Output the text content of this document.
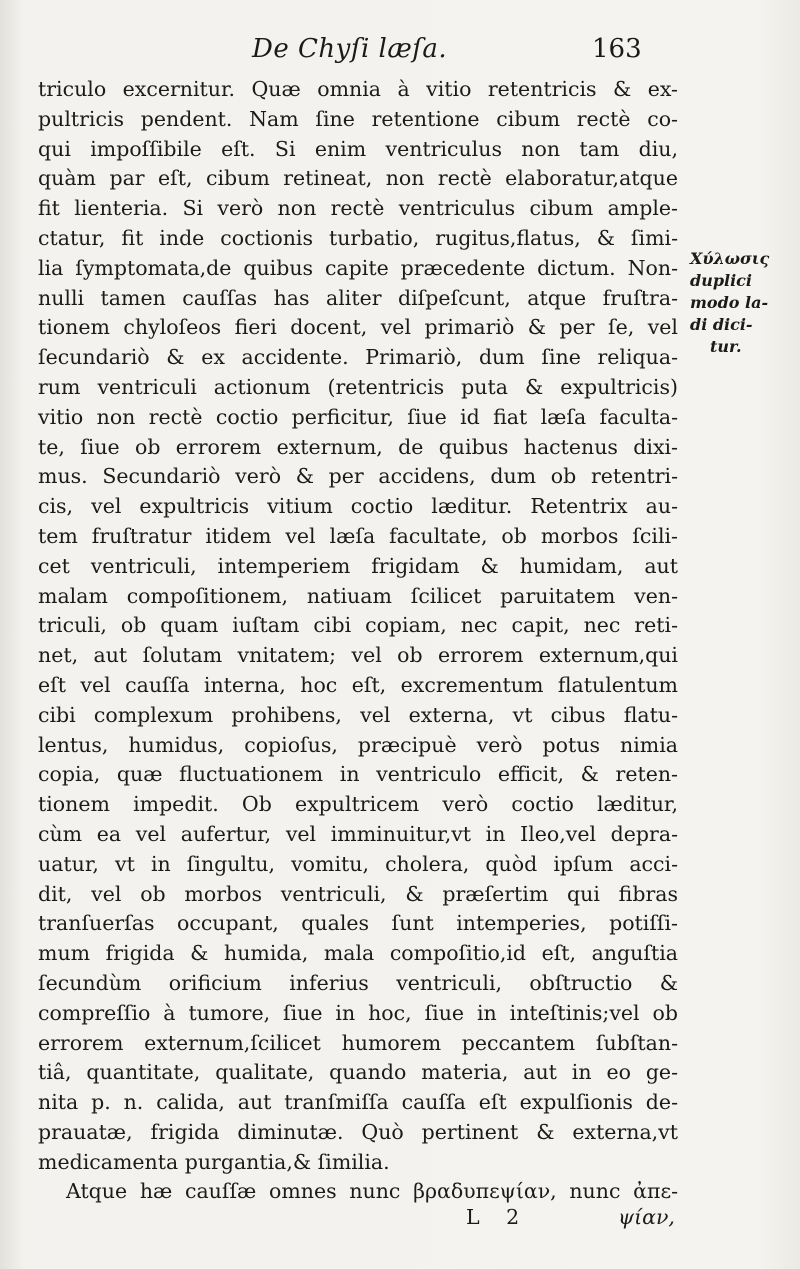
De Chyſi læſa.	163
triculo excernitur. Quæ omnia à vitio retentricis & ex-
pultricis pendent. Nam ſine retentione cibum rectè co-
qui impoſſibile eſt. Si enim ventriculus non tam diu,
quàm par eſt, cibum retineat, non rectè elaboratur,atque
fit lienteria. Si verò non rectè ventriculus cibum ample-
ctatur, fit inde coctionis turbatio, rugitus,flatus, & ſimi-
lia ſymptomata,de quibus capite præcedente dictum. Non-
nulli tamen cauſſas has aliter diſpeſcunt, atque fruſtra-
tionem chyloſeos fieri docent, vel primariò & per ſe, vel
ſecundariò & ex accidente. Primariò, dum ſine reliqua-
rum ventriculi actionum (retentricis puta & expultricis)
vitio non rectè coctio perficitur, ſiue id fiat læſa faculta-
te, ſiue ob errorem externum, de quibus hactenus dixi-
mus. Secundariò verò & per accidens, dum ob retentri-
cis, vel expultricis vitium coctio læditur. Retentrix au-
tem fruſtratur itidem vel læſa facultate, ob morbos ſcili-
cet ventriculi, intemperiem frigidam & humidam, aut
malam compoſitionem, natiuam ſcilicet paruitatem ven-
triculi, ob quam iuſtam cibi copiam, nec capit, nec reti-
net, aut ſolutam vnitatem; vel ob errorem externum,qui
eſt vel cauſſa interna, hoc eſt, excrementum flatulentum
cibi complexum prohibens, vel externa, vt cibus flatu-
lentus, humidus, copioſus, præcipuè verò potus nimia
copia, quæ fluctuationem in ventriculo efficit, & reten-
tionem impedit. Ob expultricem verò coctio læditur,
cùm ea vel aufertur, vel imminuitur,vt in Ileo,vel depra-
uatur, vt in ſingultu, vomitu, cholera, quòd ipſum acci-
dit, vel ob morbos ventriculi, & præſertim qui fibras
tranſuerſas occupant, quales ſunt intemperies, potiſſi-
mum frigida & humida, mala compoſitio,id eſt, anguſtia
ſecundùm orificium inferius ventriculi, obſtructio &
compreſſio à tumore, ſiue in hoc, ſiue in inteſtinis;vel ob
errorem externum,ſcilicet humorem peccantem ſubſtan-
tiâ, quantitate, qualitate, quando materia, aut in eo ge-
nita p. n. calida, aut tranſmiſſa cauſſa eſt expulſionis de-
prauatæ, frigida diminutæ. Quò pertinent & externa,vt
medicamenta purgantia,& ſimilia.
Atque hæ cauſſæ omnes nunc βραδυπεψίαν, nunc ἀπε-
Χύλωσις
duplici
modo la-
di dici-
tur.
L 2	ψίαν,
